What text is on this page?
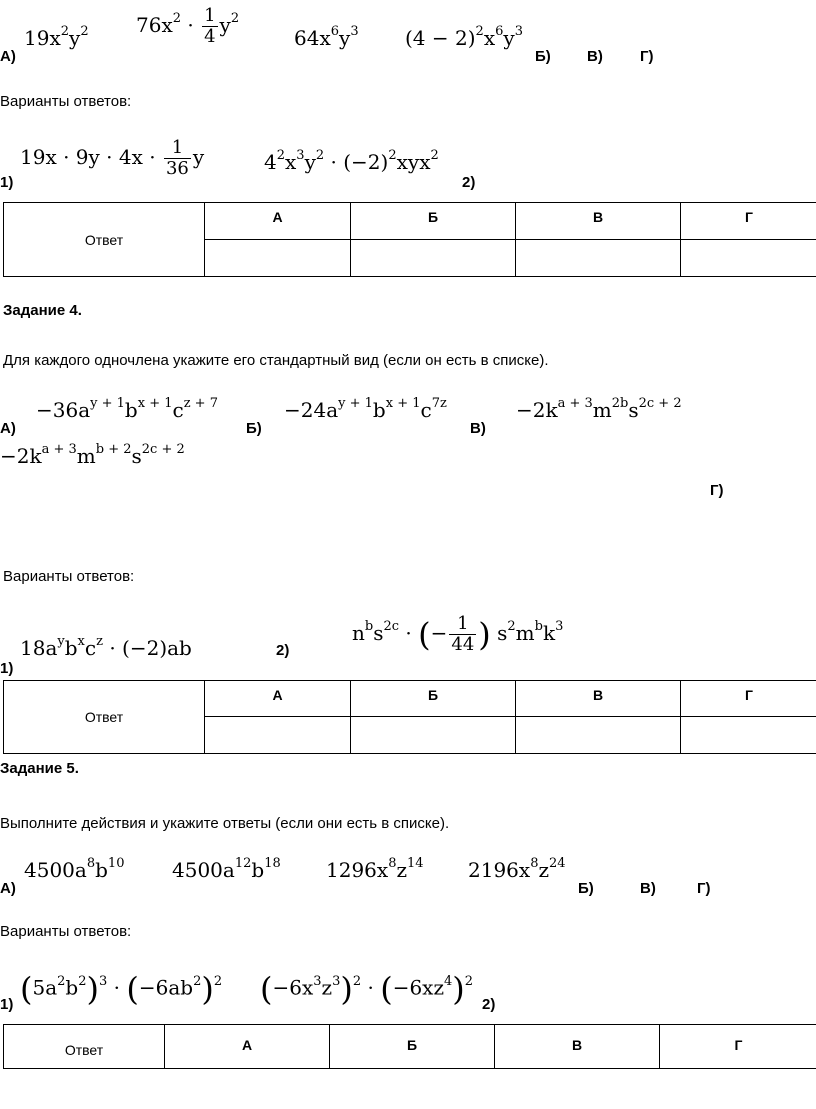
$19x^2y^2$ $76x^2 \cdot \frac{1}{4} y^2$
$64x^6y^3$ $(4 - 2)^2x^6y^3$
А)	Б) В) Г)
Варианты ответов:
$19x \cdot 9y \cdot 4x \cdot \frac{1}{36}$ y	$4^2x^3y^2 \cdot (-2)^2xyx^2$
1)	2)
Ответ	А	Б	В	Г

Задание 4.
Для каждого одночлена укажите его стандартный вид (если он есть в списке).
$-36a^{y + 1}b^{x + 1}c^{z + 7}$	$-24a^{y + 1}b^{x + 1}c^{7z}$	$-2k^{a + 3}m^{2b}s^{2c + 2}$
А)	Б)	В)
$-2k^{a + 3}m^{b + 2}s^{2c + 2}$
Г)
Варианты ответов:
$18a^yb^xc^z \cdot (-2)ab$	2)
$n^bs^{2c}$ · (− $\frac{1}{44}$ ) $s^2m^bk^3$
1)
Ответ	А	Б	В	Г

Задание 5.
Выполните действия и укажите ответы (если они есть в списке).
$4500a^8b^{10}$ $4500a^{12}b^{18}$ $1296x^8z^{14}$ $2196x^8z^{24}$
А)	Б)	В)	Г)
Варианты ответов:
$(5a^2b^2)^3 \cdot (-6ab^2)^2$ $(-6x^3z^3)^2 \cdot (-6xz^4)^2$
1)	2)
Ответ	А	Б	В	Г
